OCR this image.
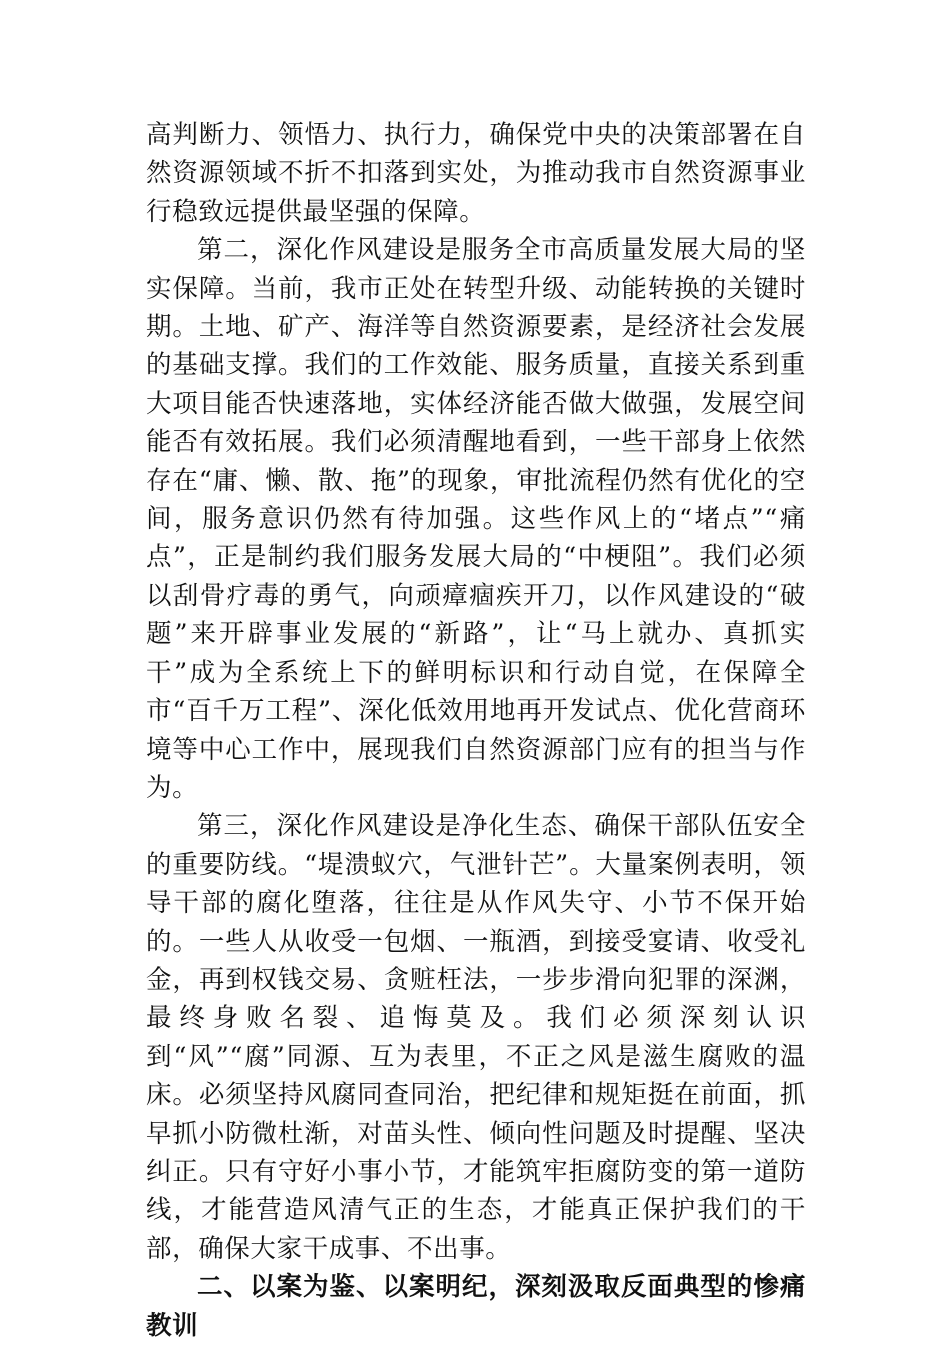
高判断力、领悟力、执行力，确保党中央的决策部署在自然资源领域不折不扣落到实处，为推动我市自然资源事业行稳致远提供最坚强的保障。

第二，深化作风建设是服务全市高质量发展大局的坚实保障。当前，我市正处在转型升级、动能转换的关键时期。土地、矿产、海洋等自然资源要素，是经济社会发展的基础支撑。我们的工作效能、服务质量，直接关系到重大项目能否快速落地，实体经济能否做大做强，发展空间能否有效拓展。我们必须清醒地看到，一些干部身上依然存在“庸、懒、散、拖”的现象，审批流程仍然有优化的空间，服务意识仍然有待加强。这些作风上的“堵点”“痛点”，正是制约我们服务发展大局的“中梗阻”。我们必须以刮骨疗毒的勇气，向顽瘴痼疾开刀，以作风建设的“破题”来开辟事业发展的“新路”，让“马上就办、真抓实干”成为全系统上下的鲜明标识和行动自觉，在保障全市“百千万工程”、深化低效用地再开发试点、优化营商环境等中心工作中，展现我们自然资源部门应有的担当与作为。

第三，深化作风建设是净化生态、确保干部队伍安全的重要防线。“堤溃蚁穴，气泄针芒”。大量案例表明，领导干部的腐化堕落，往往是从作风失守、小节不保开始的。一些人从收受一包烟、一瓶酒，到接受宴请、收受礼金，再到权钱交易、贪赃枉法，一步步滑向犯罪的深渊，最终身败名裂、追悔莫及。我们必须深刻认识到“风”“腐”同源、互为表里，不正之风是滋生腐败的温床。必须坚持风腐同查同治，把纪律和规矩挺在前面，抓早抓小防微杜渐，对苗头性、倾向性问题及时提醒、坚决纠正。只有守好小事小节，才能筑牢拒腐防变的第一道防线，才能营造风清气正的生态，才能真正保护我们的干部，确保大家干成事、不出事。

二、以案为鉴、以案明纪，深刻汲取反面典型的惨痛教训
